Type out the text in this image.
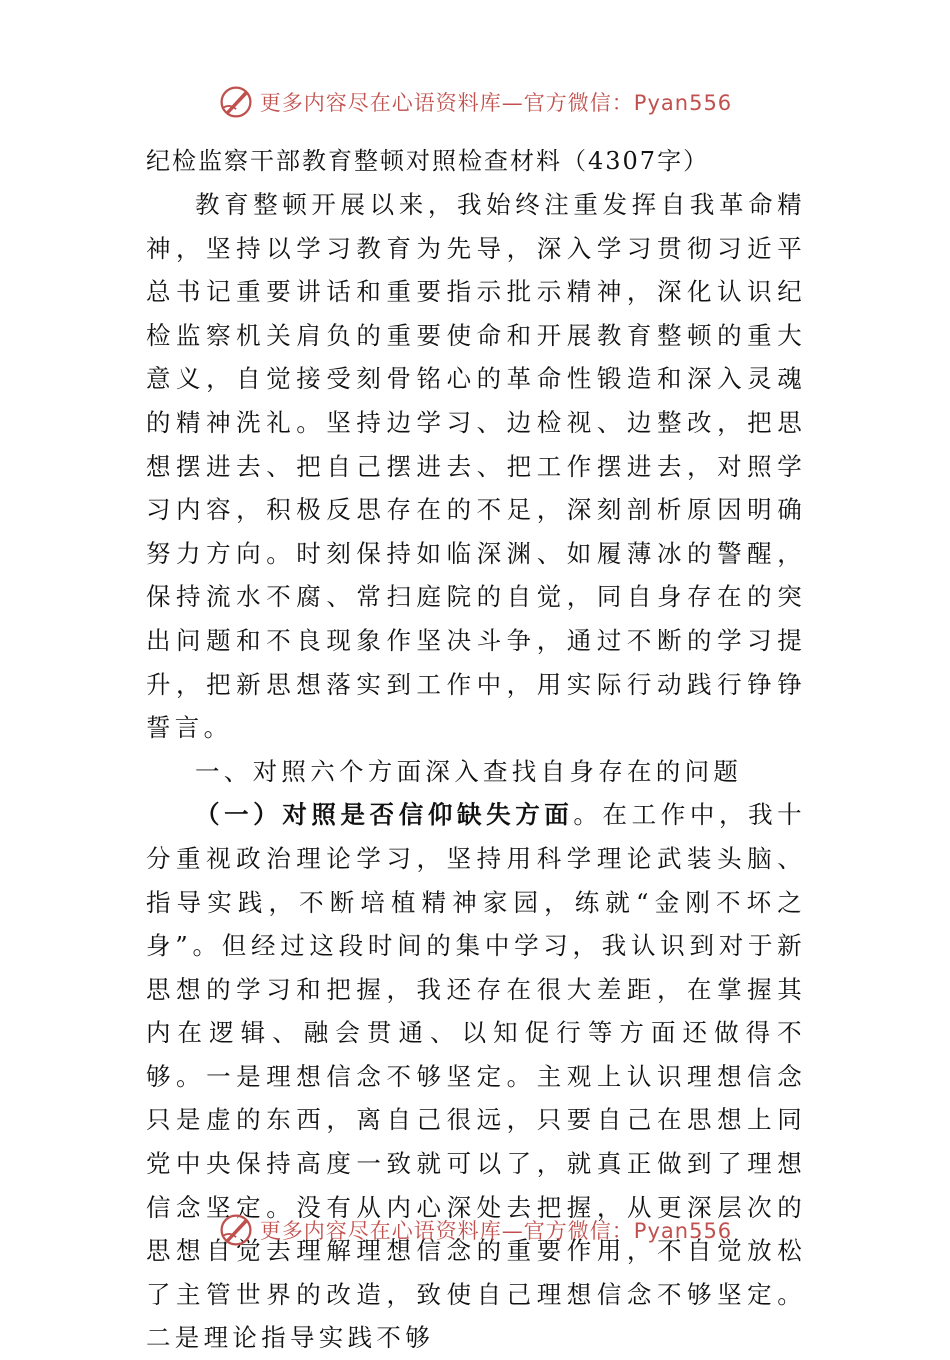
更多内容尽在心语资料库—官方微信：Pyan556
纪检监察干部教育整顿对照检查材料（4307字）

教育整顿开展以来，我始终注重发挥自我革命精神，坚持以学习教育为先导，深入学习贯彻习近平总书记重要讲话和重要指示批示精神，深化认识纪检监察机关肩负的重要使命和开展教育整顿的重大意义，自觉接受刻骨铭心的革命性锻造和深入灵魂的精神洗礼。坚持边学习、边检视、边整改，把思想摆进去、把自己摆进去、把工作摆进去，对照学习内容，积极反思存在的不足，深刻剖析原因明确努力方向。时刻保持如临深渊、如履薄冰的警醒，保持流水不腐、常扫庭院的自觉，同自身存在的突出问题和不良现象作坚决斗争，通过不断的学习提升，把新思想落实到工作中，用实际行动践行铮铮誓言。

一、对照六个方面深入查找自身存在的问题

（一）对照是否信仰缺失方面。在工作中，我十分重视政治理论学习，坚持用科学理论武装头脑、指导实践，不断培植精神家园，练就“金刚不坏之身”。但经过这段时间的集中学习，我认识到对于新思想的学习和把握，我还存在很大差距，在掌握其内在逻辑、融会贯通、以知促行等方面还做得不够。一是理想信念不够坚定。主观上认识理想信念只是虚的东西，离自己很远，只要自己在思想上同党中央保持高度一致就可以了，就真正做到了理想信念坚定。没有从内心深处去把握，从更深层次的思想自觉去理解理想信念的重要作用，不自觉放松了主管世界的改造，致使自己理想信念不够坚定。二是理论指导实践不够

更多内容尽在心语资料库—官方微信：Pyan556
